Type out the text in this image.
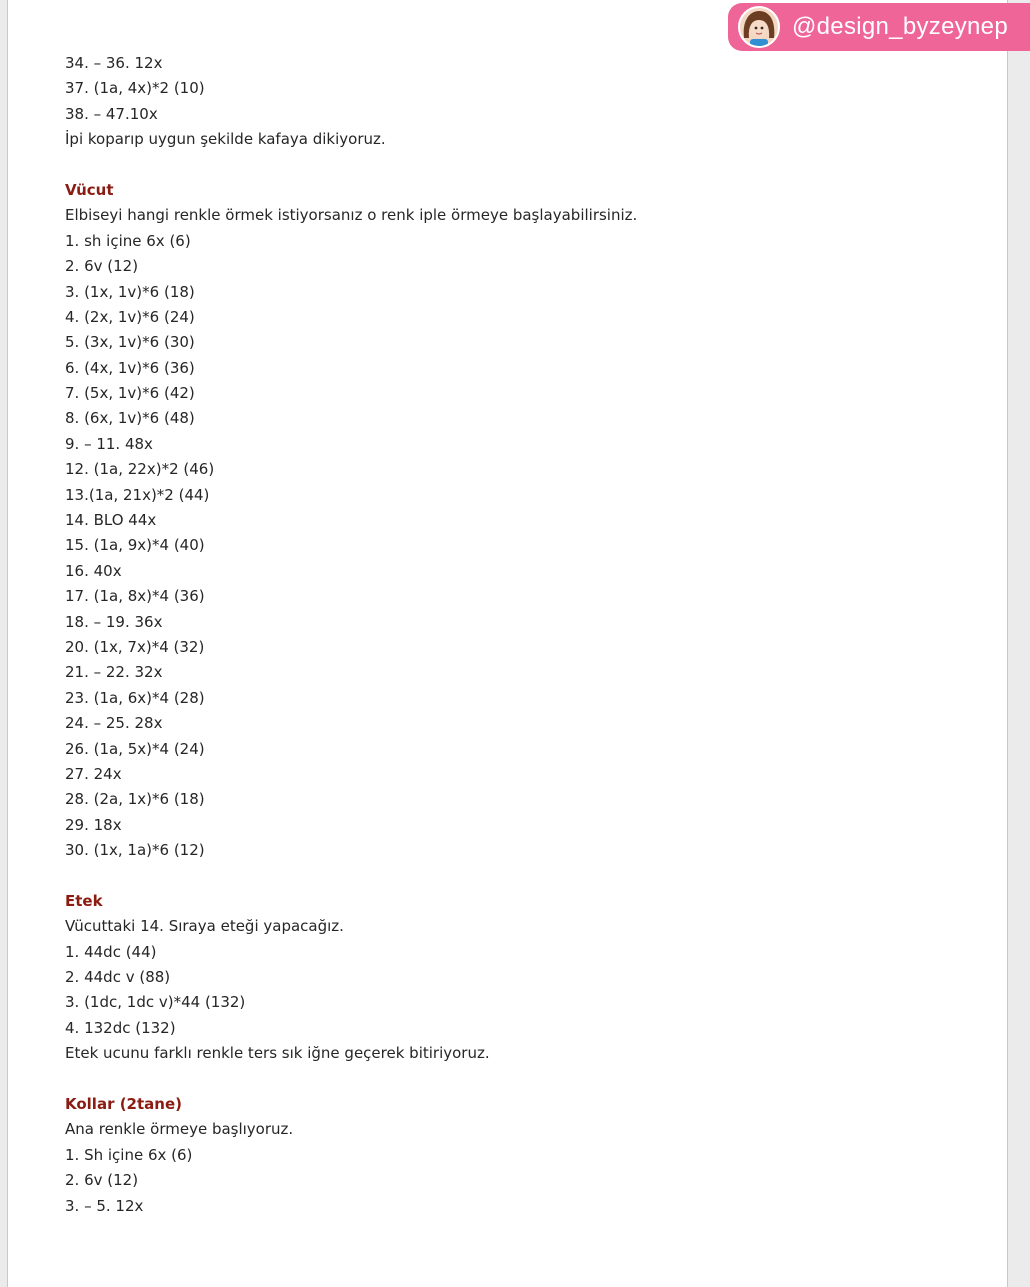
34. – 36. 12x
37. (1a, 4x)*2 (10)
38. – 47.10x
İpi koparıp uygun şekilde kafaya dikiyoruz.
Vücut
Elbiseyi hangi renkle örmek istiyorsanız o renk iple örmeye başlayabilirsiniz.
1. sh içine 6x (6)
2. 6v (12)
3. (1x, 1v)*6 (18)
4. (2x, 1v)*6 (24)
5. (3x, 1v)*6 (30)
6. (4x, 1v)*6 (36)
7. (5x, 1v)*6 (42)
8. (6x, 1v)*6 (48)
9. – 11. 48x
12. (1a, 22x)*2 (46)
13.(1a, 21x)*2 (44)
14. BLO 44x
15. (1a, 9x)*4 (40)
16. 40x
17. (1a, 8x)*4 (36)
18. – 19. 36x
20. (1x, 7x)*4 (32)
21. – 22. 32x
23. (1a, 6x)*4 (28)
24. – 25. 28x
26. (1a, 5x)*4 (24)
27. 24x
28. (2a, 1x)*6 (18)
29. 18x
30. (1x, 1a)*6 (12)
Etek
Vücuttaki 14. Sıraya eteği yapacağız.
1. 44dc (44)
2. 44dc v (88)
3. (1dc, 1dc v)*44 (132)
4. 132dc (132)
Etek ucunu farklı renkle ters sık iğne geçerek bitiriyoruz.
Kollar (2tane)
Ana renkle örmeye başlıyoruz.
1. Sh içine 6x (6)
2. 6v (12)
3. – 5. 12x
@design_byzeynep
